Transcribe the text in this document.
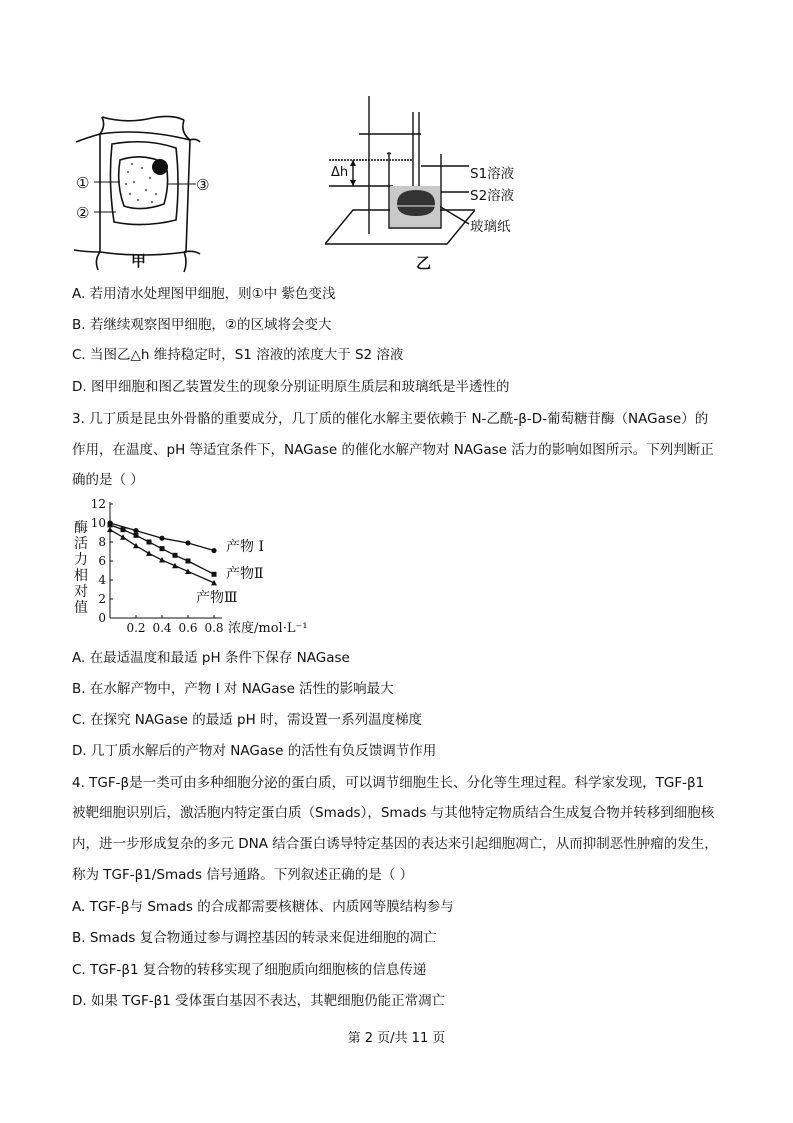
①
②
③
甲
Δh	S1溶液
S2溶液
玻璃纸
乙
A. 若用清水处理图甲细胞，则①中 紫色变浅
B. 若继续观察图甲细胞，②的区域将会变大
C. 当图乙△h 维持稳定时，S1 溶液的浓度大于 S2 溶液
D. 图甲细胞和图乙装置发生的现象分别证明原生质层和玻璃纸是半透性的
3. 几丁质是昆虫外骨骼的重要成分，几丁质的催化水解主要依赖于 N-乙酰-β-D-葡萄糖苷酶（NAGase）的
作用，在温度、pH 等适宜条件下，NAGase 的催化水解产物对 NAGase 活力的影响如图所示。下列判断正
确的是（ ）
酶活力相对值
0
2
4
6
8
10
12
0.2 0.4 0.6 0.8 浓度/mol·L⁻¹
产物 I
产物Ⅱ
产物Ⅲ
A. 在最适温度和最适 pH 条件下保存 NAGase
B. 在水解产物中，产物 I 对 NAGase 活性的影响最大
C. 在探究 NAGase 的最适 pH 时，需设置一系列温度梯度
D. 几丁质水解后的产物对 NAGase 的活性有负反馈调节作用
4. TGF-β是一类可由多种细胞分泌的蛋白质，可以调节细胞生长、分化等生理过程。科学家发现，TGF-β1
被靶细胞识别后，激活胞内特定蛋白质（Smads），Smads 与其他特定物质结合生成复合物并转移到细胞核
内，进一步形成复杂的多元 DNA 结合蛋白诱导特定基因的表达来引起细胞凋亡，从而抑制恶性肿瘤的发生，
称为 TGF-β1/Smads 信号通路。下列叙述正确的是（ ）
A. TGF-β与 Smads 的合成都需要核糖体、内质网等膜结构参与
B. Smads 复合物通过参与调控基因的转录来促进细胞的凋亡
C. TGF-β1 复合物的转移实现了细胞质向细胞核的信息传递
D. 如果 TGF-β1 受体蛋白基因不表达，其靶细胞仍能正常凋亡
第 2 页/共 11 页
